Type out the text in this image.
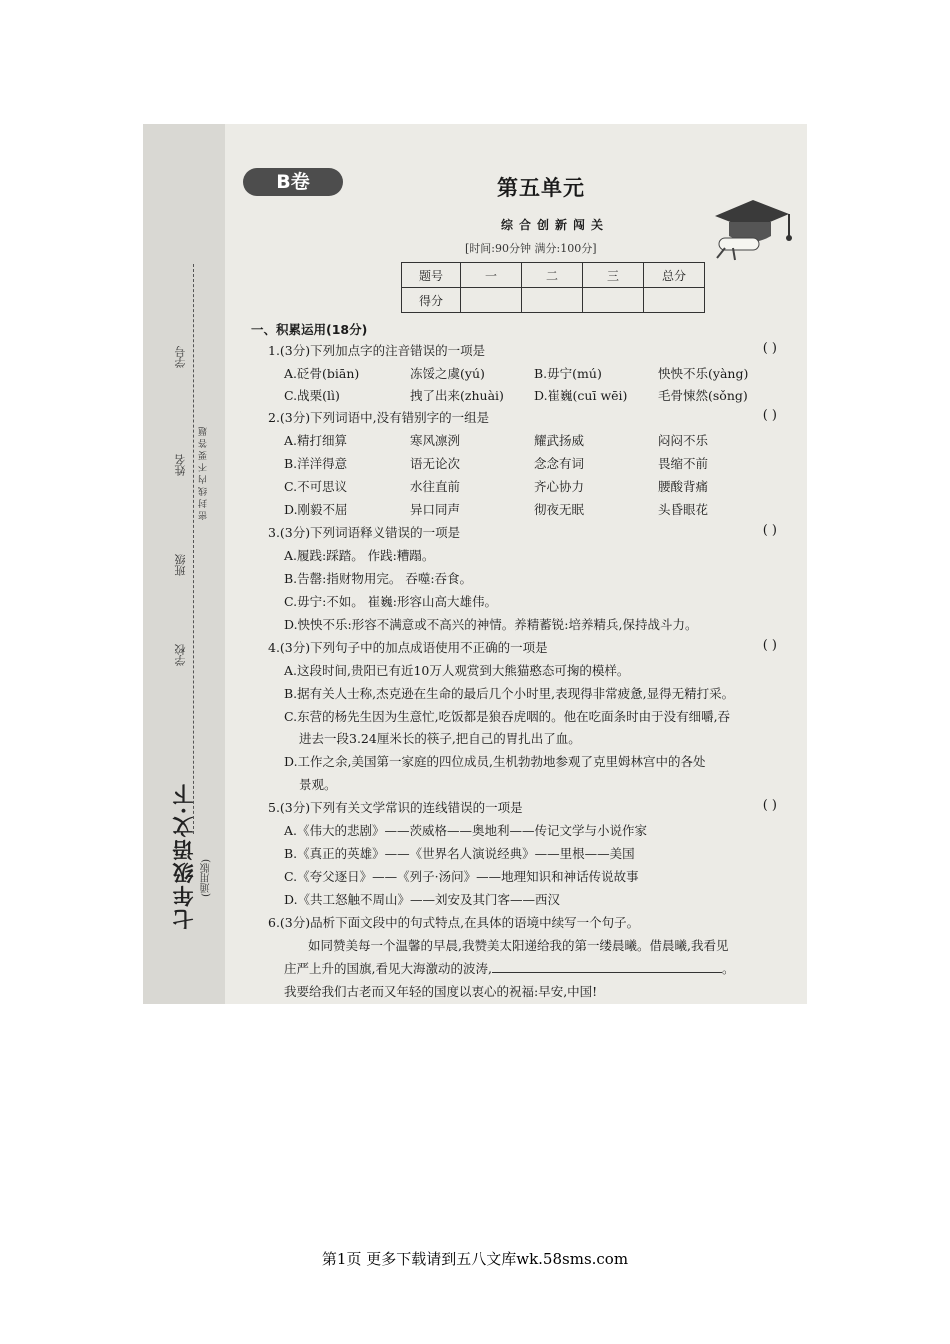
学校
班级
姓名
学号
密封线内不要答题
七年级语文·下 (通用版)
B卷	第五单元
综合创新闯关
[时间:90分钟 满分:100分]
题号	一	二	三	总分
得分				
一、积累运用(18分)
1.(3分)下列加点字的注音错误的一项是	( )
A.砭骨(biān)	冻馁之虞(yú)	B.毋宁(mú)	怏怏不乐(yàng)
C.战栗(lì)	拽了出来(zhuài) D.崔巍(cuī wēi) 毛骨悚然(sǒng)
2.(3分)下列词语中,没有错别字的一组是	( )
A.精打细算	寒风凛洌	耀武扬威	闷闷不乐
B.洋洋得意	语无论次	念念有词	畏缩不前
C.不可思议	水往直前	齐心协力	腰酸背痛
D.刚毅不屈	异口同声	彻夜无眠	头昏眼花
3.(3分)下列词语释义错误的一项是	( )
A.履践:踩踏。 作践:糟蹋。
B.告罄:指财物用完。 吞噬:吞食。
C.毋宁:不如。 崔巍:形容山高大雄伟。
D.怏怏不乐:形容不满意或不高兴的神情。养精蓄锐:培养精兵,保持战斗力。
4.(3分)下列句子中的加点成语使用不正确的一项是	( )
A.这段时间,贵阳已有近10万人观赏到大熊猫憨态可掬的模样。
B.据有关人士称,杰克逊在生命的最后几个小时里,表现得非常疲惫,显得无精打采。
C.东营的杨先生因为生意忙,吃饭都是狼吞虎咽的。他在吃面条时由于没有细嚼,吞
进去一段3.24厘米长的筷子,把自己的胃扎出了血。
D.工作之余,美国第一家庭的四位成员,生机勃勃地参观了克里姆林宫中的各处
景观。
5.(3分)下列有关文学常识的连线错误的一项是	( )
A.《伟大的悲剧》——茨威格——奥地利——传记文学与小说作家
B.《真正的英雄》——《世界名人演说经典》——里根——美国
C.《夸父逐日》——《列子·汤问》——地理知识和神话传说故事
D.《共工怒触不周山》——刘安及其门客——西汉
6.(3分)品析下面文段中的句式特点,在具体的语境中续写一个句子。
如同赞美每一个温馨的早晨,我赞美太阳递给我的第一缕晨曦。借晨曦,我看见
庄严上升的国旗,看见大海激动的波涛,	。
我要给我们古老而又年轻的国度以衷心的祝福:早安,中国!
第1页 更多下载请到五八文库wk.58sms.com
